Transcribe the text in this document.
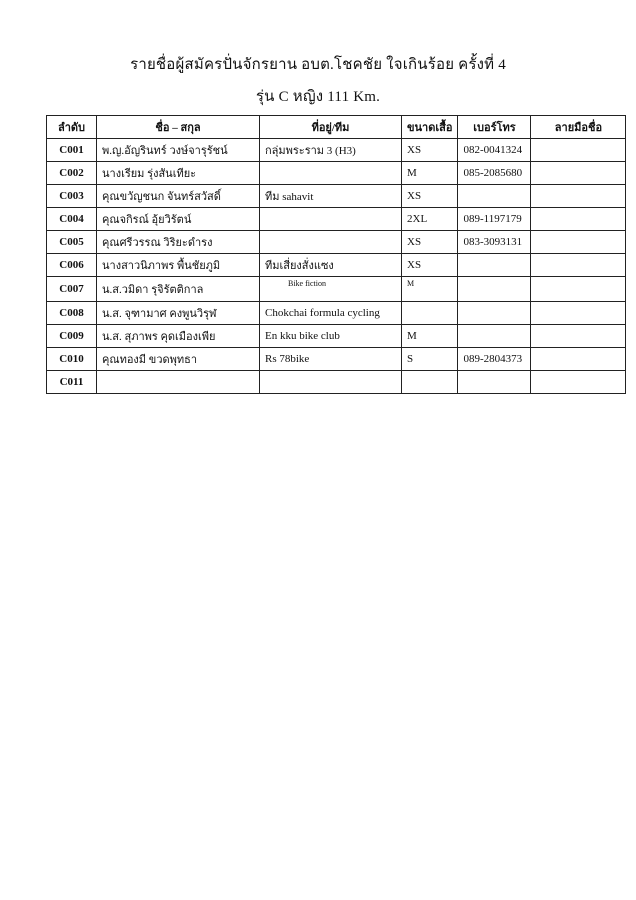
รายชื่อผู้สมัครปั่นจักรยาน อบต.โชคชัย ใจเกินร้อย ครั้งที่ 4
รุ่น C หญิง 111 Km.
ลำดับ	ชื่อ – สกุล	ที่อยู่/ทีม	ขนาดเสื้อ	เบอร์โทร	ลายมือชื่อ
C001	พ.ญ.อัญรินทร์ วงษ์จารุรัชน์	กลุ่มพระราม 3 (H3)	XS	082-0041324	
C002	นางเรียม รุ่งสันเทียะ		M	085-2085680	
C003	คุณขวัญชนก จันทร์สวัสดิ์	ทีม sahavit	XS		
C004	คุณจกิรณ์ อุ้ยวิรัตน์		2XL	089-1197179	
C005	คุณศรีวรรณ วิริยะดำรง		XS	083-3093131	
C006	นางสาวนิภาพร พื้นชัยภูมิ	ทีมเสี่ยงสั่งแซง	XS		
C007	น.ส.วมิดา รุจิรัตติกาล	Bike fiction	M		
C008	น.ส. จุฑามาศ คงพูนวิรุฬ	Chokchai formula cycling			
C009	น.ส. สุภาพร คุดเมืองเพีย	En kku bike club	M		
C010	คุณทองมี ขวดพุทธา	Rs 78bike	S	089-2804373	
C011					
